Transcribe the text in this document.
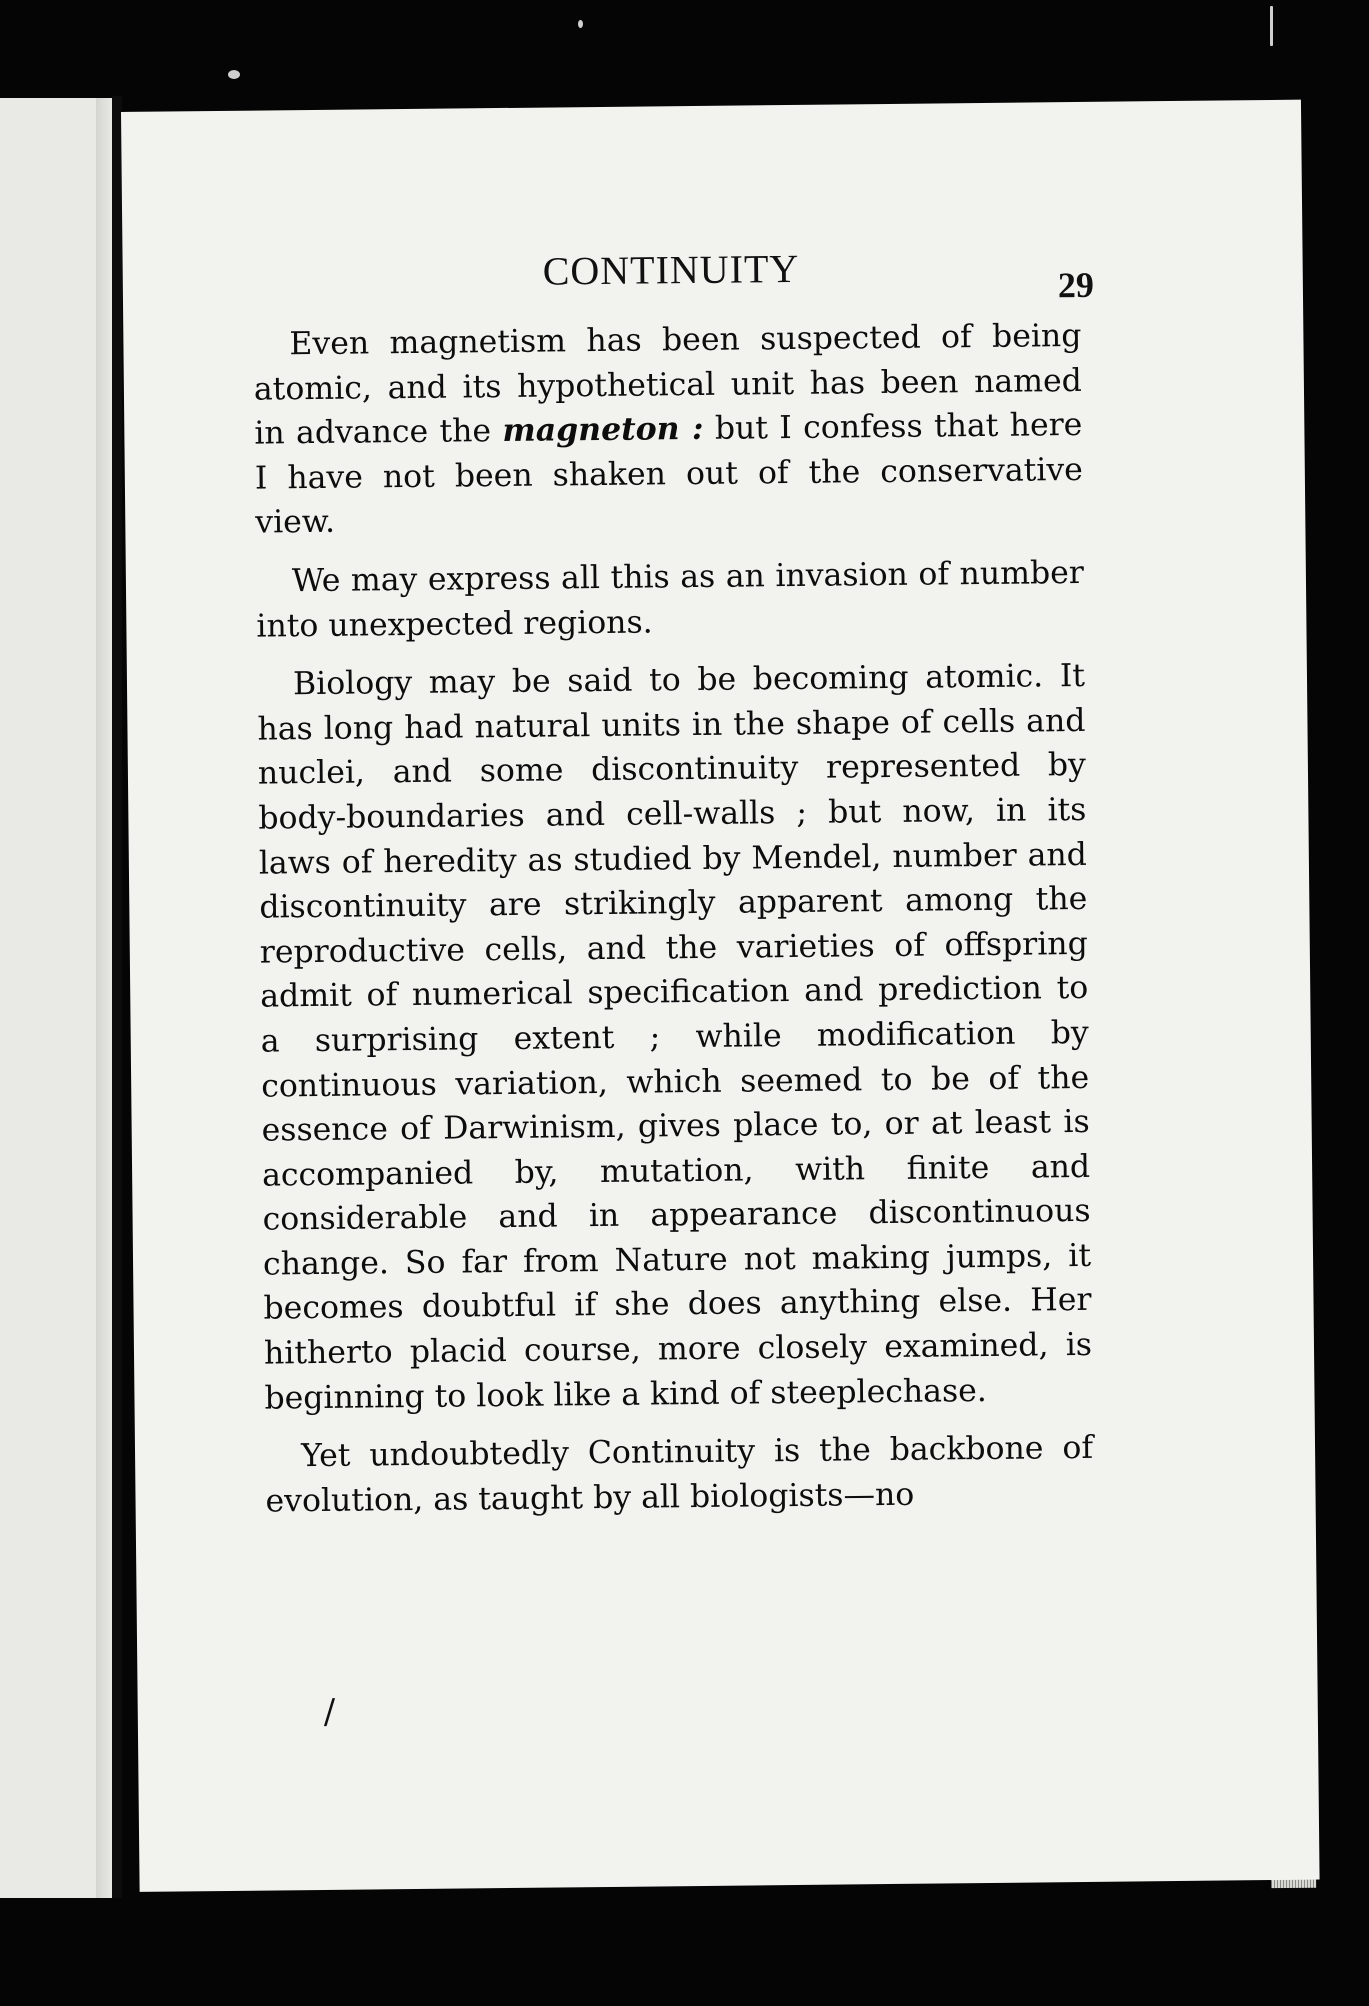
CONTINUITY	29

Even magnetism has been suspected of being atomic, and its hypothetical unit has been named in advance the magneton : but I confess that here I have not been shaken out of the conservative view.

We may express all this as an invasion of number into unexpected regions.

Biology may be said to be becoming atomic. It has long had natural units in the shape of cells and nuclei, and some discontinuity represented by body-boundaries and cell-walls ; but now, in its laws of heredity as studied by Mendel, number and discontinuity are strikingly apparent among the reproductive cells, and the varieties of offspring admit of numerical specification and prediction to a surprising extent ; while modification by continuous variation, which seemed to be of the essence of Darwinism, gives place to, or at least is accompanied by, mutation, with finite and considerable and in appearance discontinuous change. So far from Nature not making jumps, it becomes doubtful if she does anything else. Her hitherto placid course, more closely examined, is beginning to look like a kind of steeplechase.

Yet undoubtedly Continuity is the backbone of evolution, as taught by all biologists—no

/
